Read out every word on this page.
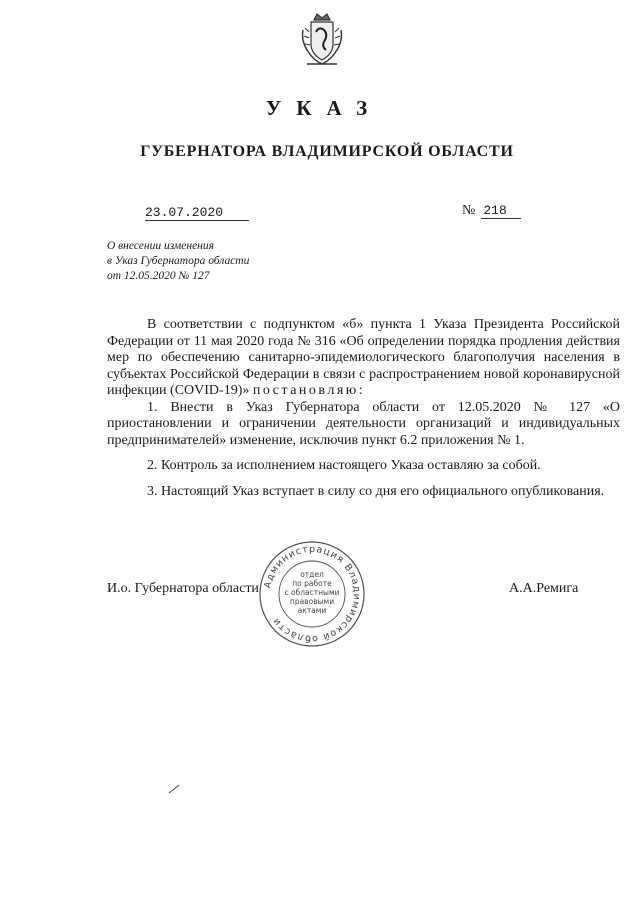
УКАЗ
ГУБЕРНАТОРА ВЛАДИМИРСКОЙ ОБЛАСТИ
23.07.2020	№ 218
О внесении изменения
в Указ Губернатора области
от 12.05.2020 № 127

В соответствии с подпунктом «б» пункта 1 Указа Президента Российской Федерации от 11 мая 2020 года № 316 «Об определении порядка продления действия мер по обеспечению санитарно-эпидемиологического благополучия населения в субъектах Российской Федерации в связи с распространением новой коронавирусной инфекции (COVID-19)» постановляю:

1. Внести в Указ Губернатора области от 12.05.2020 № 127 «О приостановлении и ограничении деятельности организаций и индивидуальных предпринимателей» изменение, исключив пункт 6.2 приложения № 1.

2. Контроль за исполнением настоящего Указа оставляю за собой.

3. Настоящий Указ вступает в силу со дня его официального опубликования.

И.о. Губернатора области	А.А.Ремига
Администрация Владимирской области
отдел
по работе
с областными
правовыми
актами
